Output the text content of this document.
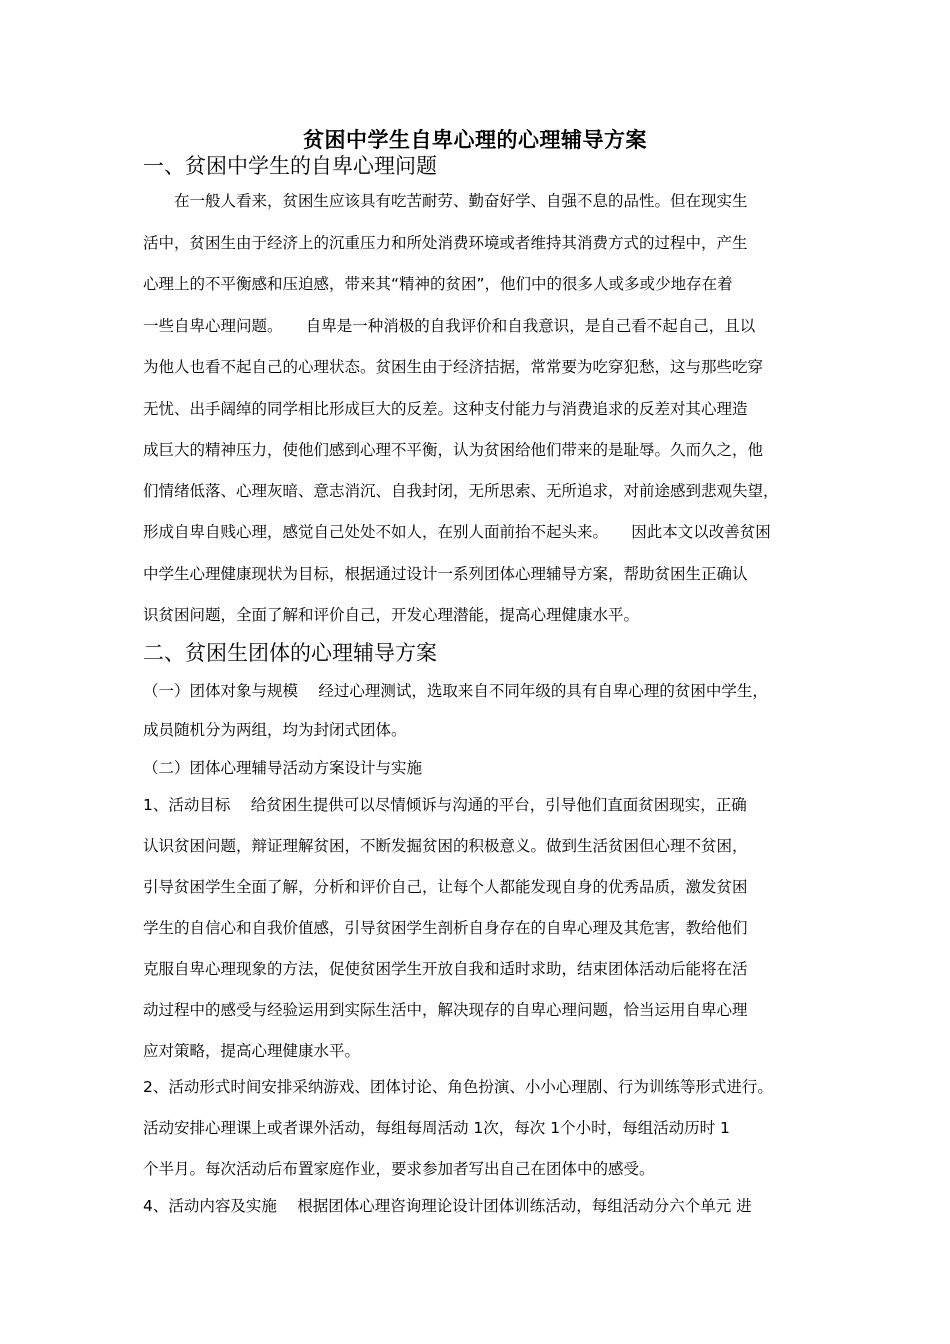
贫困中学生自卑心理的心理辅导方案
一、贫困中学生的自卑心理问题
　　在一般人看来，贫困生应该具有吃苦耐劳、勤奋好学、自强不息的品性。但在现实生
活中，贫困生由于经济上的沉重压力和所处消费环境或者维持其消费方式的过程中，产生
心理上的不平衡感和压迫感，带来其“精神的贫困”，他们中的很多人或多或少地存在着
一些自卑心理问题。　　自卑是一种消极的自我评价和自我意识，是自己看不起自己，且以
为他人也看不起自己的心理状态。贫困生由于经济拮据，常常要为吃穿犯愁，这与那些吃穿
无忧、出手阔绰的同学相比形成巨大的反差。这种支付能力与消费追求的反差对其心理造
成巨大的精神压力，使他们感到心理不平衡，认为贫困给他们带来的是耻辱。久而久之，他
们情绪低落、心理灰暗、意志消沉、自我封闭，无所思索、无所追求，对前途感到悲观失望，
形成自卑自贱心理，感觉自己处处不如人，在别人面前抬不起头来。　　因此本文以改善贫困
中学生心理健康现状为目标，根据通过设计一系列团体心理辅导方案，帮助贫困生正确认
识贫困问题，全面了解和评价自己，开发心理潜能，提高心理健康水平。
二、贫困生团体的心理辅导方案
（一）团体对象与规模　 经过心理测试，选取来自不同年级的具有自卑心理的贫困中学生，
成员随机分为两组，均为封闭式团体。
（二）团体心理辅导活动方案设计与实施
1、活动目标　 给贫困生提供可以尽情倾诉与沟通的平台，引导他们直面贫困现实，正确
认识贫困问题，辩证理解贫困，不断发掘贫困的积极意义。做到生活贫困但心理不贫困，
引导贫困学生全面了解，分析和评价自己，让每个人都能发现自身的优秀品质，激发贫困
学生的自信心和自我价值感，引导贫困学生剖析自身存在的自卑心理及其危害，教给他们
克服自卑心理现象的方法，促使贫困学生开放自我和适时求助，结束团体活动后能将在活
动过程中的感受与经验运用到实际生活中，解决现存的自卑心理问题，恰当运用自卑心理
应对策略，提高心理健康水平。
2、活动形式时间安排采纳游戏、团体讨论、角色扮演、小小心理剧、行为训练等形式进行。
活动安排心理课上或者课外活动，每组每周活动 1次，每次 1个小时，每组活动历时 1
个半月。每次活动后布置家庭作业，要求参加者写出自己在团体中的感受。
4、活动内容及实施　 根据团体心理咨询理论设计团体训练活动，每组活动分六个单元 进
